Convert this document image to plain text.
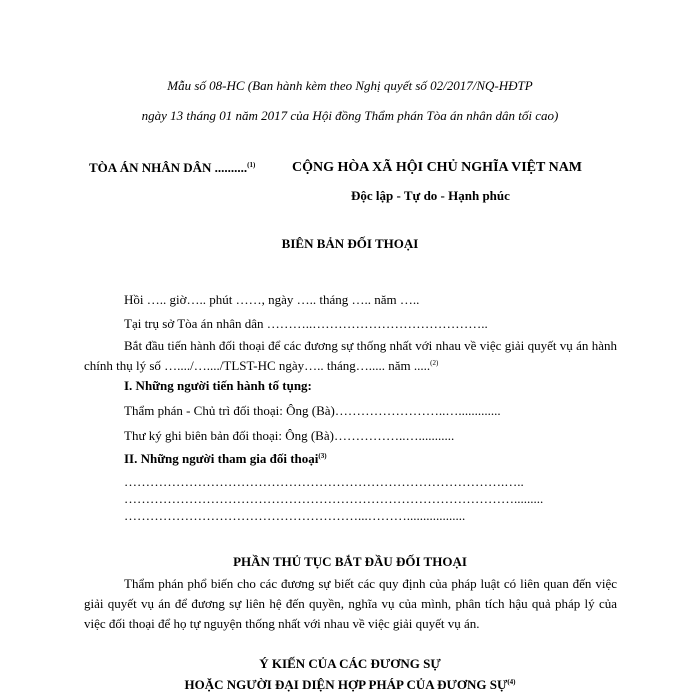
Mẫu số 08-HC (Ban hành kèm theo Nghị quyết số 02/2017/NQ-HĐTP
ngày 13 tháng 01 năm 2017 của Hội đồng Thẩm phán Tòa án nhân dân tối cao)
TÒA ÁN NHÂN DÂN ..........$^{(1)}$	CỘNG HÒA XÃ HỘI CHỦ NGHĨA VIỆT NAM
Độc lập - Tự do - Hạnh phúc
BIÊN BẢN ĐỐI THOẠI
Hồi ….. giờ….. phút ……, ngày ….. tháng ….. năm …..
Tại trụ sở Tòa án nhân dân ………..…………………………………..
Bắt đầu tiến hành đối thoại để các đương sự thống nhất với nhau về việc giải quyết vụ án hành chính thụ lý số …..../…..../TLST-HC ngày….. tháng…..... năm .....$^{(2)}$
I. Những người tiến hành tố tụng:
Thẩm phán - Chủ trì đối thoại: Ông (Bà)……………………..….............
Thư ký ghi biên bản đối thoại: Ông (Bà)……………..…...........
II. Những người tham gia đối thoại$^{(3)}$
…………………………………………………………………………….…..
……………………………………………………………………………….........
………………………………………………...………..................
PHẦN THỦ TỤC BẮT ĐẦU ĐỐI THOẠI
Thẩm phán phổ biến cho các đương sự biết các quy định của pháp luật có liên quan đến việc giải quyết vụ án để đương sự liên hệ đến quyền, nghĩa vụ của mình, phân tích hậu quả pháp lý của việc đối thoại để họ tự nguyện thống nhất với nhau về việc giải quyết vụ án.
Ý KIẾN CỦA CÁC ĐƯƠNG SỰ
HOẶC NGƯỜI ĐẠI DIỆN HỢP PHÁP CỦA ĐƯƠNG SỰ$^{(4)}$
